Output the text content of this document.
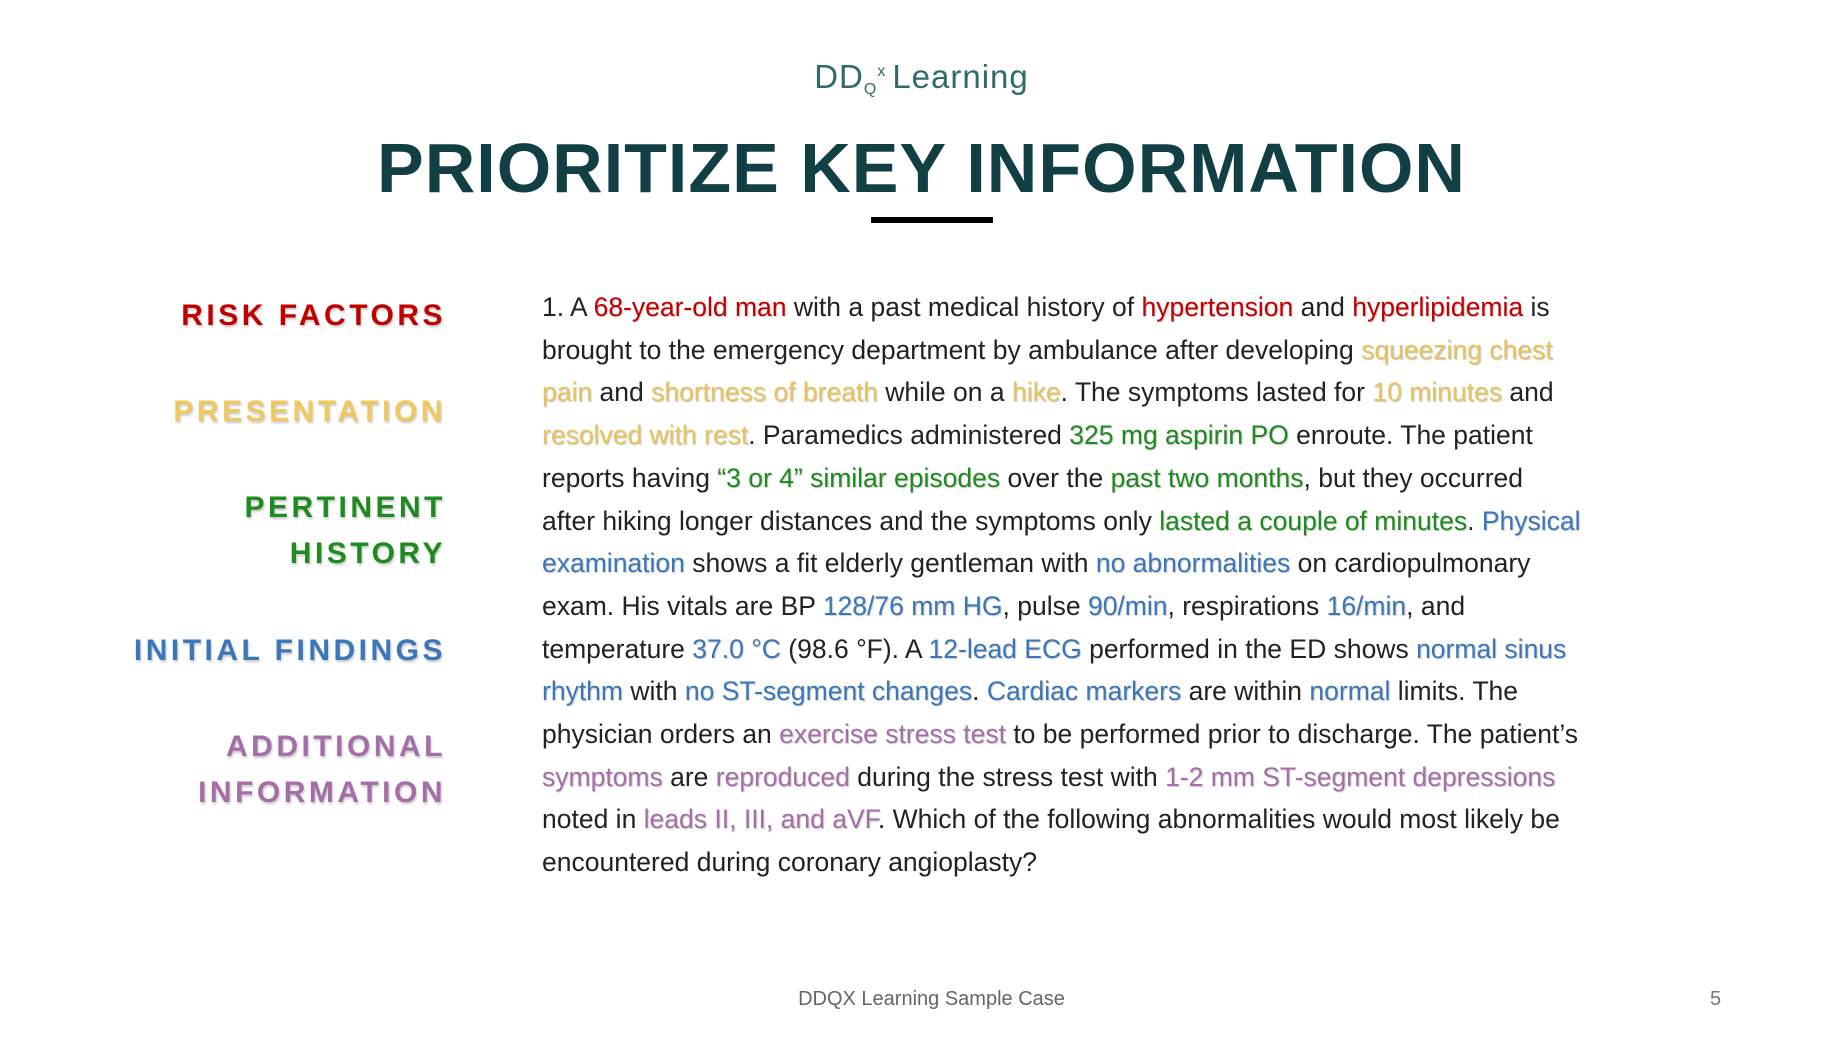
$DD_Q^x$ Learning
PRIORITIZE KEY INFORMATION
RISK FACTORS
PRESENTATION
PERTINENT
HISTORY
INITIAL FINDINGS
ADDITIONAL
INFORMATION
1. A 68-year-old man with a past medical history of hypertension and hyperlipidemia is
brought to the emergency department by ambulance after developing squeezing chest
pain and shortness of breath while on a hike. The symptoms lasted for 10 minutes and
resolved with rest. Paramedics administered 325 mg aspirin PO enroute. The patient
reports having “3 or 4” similar episodes over the past two months, but they occurred
after hiking longer distances and the symptoms only lasted a couple of minutes. Physical
examination shows a fit elderly gentleman with no abnormalities on cardiopulmonary
exam. His vitals are BP 128/76 mm HG, pulse 90/min, respirations 16/min, and
temperature 37.0 °C (98.6 °F). A 12-lead ECG performed in the ED shows normal sinus
rhythm with no ST-segment changes. Cardiac markers are within normal limits. The
physician orders an exercise stress test to be performed prior to discharge. The patient’s
symptoms are reproduced during the stress test with 1-2 mm ST-segment depressions
noted in leads II, III, and aVF. Which of the following abnormalities would most likely be
encountered during coronary angioplasty?
DDQX Learning Sample Case	5
